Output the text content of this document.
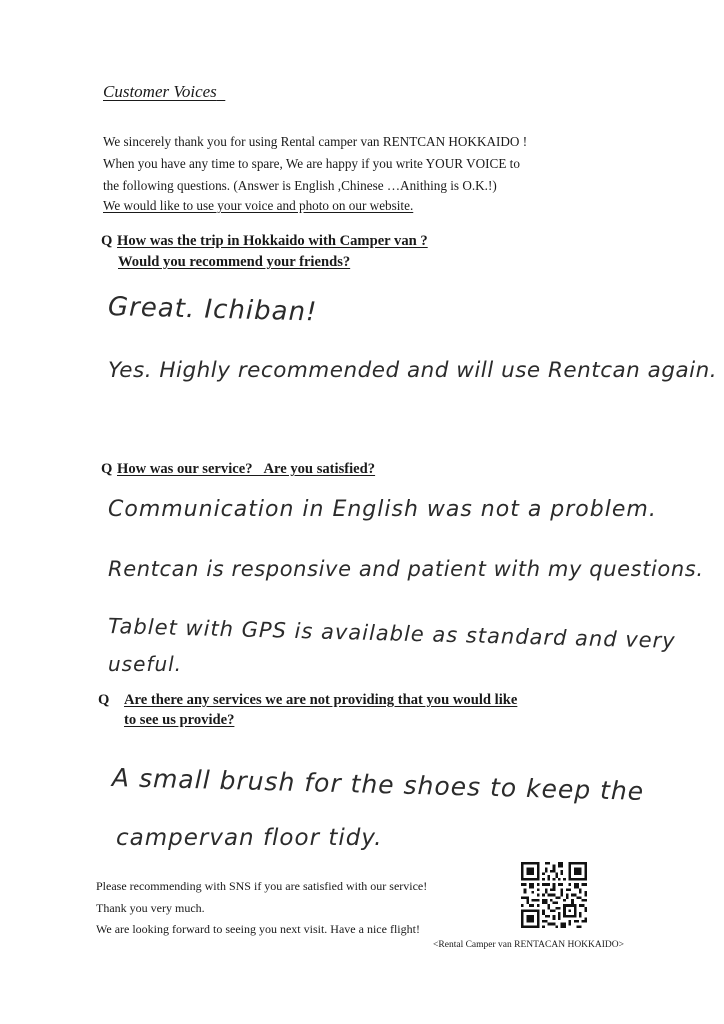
Customer Voices
We sincerely thank you for using Rental camper van RENTCAN HOKKAIDO !
When you have any time to spare, We are happy if you write YOUR VOICE to
the following questions. (Answer is English ,Chinese …Anithing is O.K.!)
We would like to use your voice and photo on our website.
Q How was the trip in Hokkaido with Camper van ?
Would you recommend your friends?
Great. Ichiban!
Yes. Highly recommended and will use Rentcan again.
Q How was our service?   Are you satisfied?
Communication in English was not a problem.
Rentcan is responsive and patient with my questions.
Tablet with GPS is available as standard and very
useful.
Q Are there any services we are not providing that you would like
to see us provide?
A small brush for the shoes to keep the
campervan floor tidy.
Please recommending with SNS if you are satisfied with our service!
Thank you very much.
We are looking forward to seeing you next visit. Have a nice flight!
<Rental Camper van RENTACAN HOKKAIDO>
